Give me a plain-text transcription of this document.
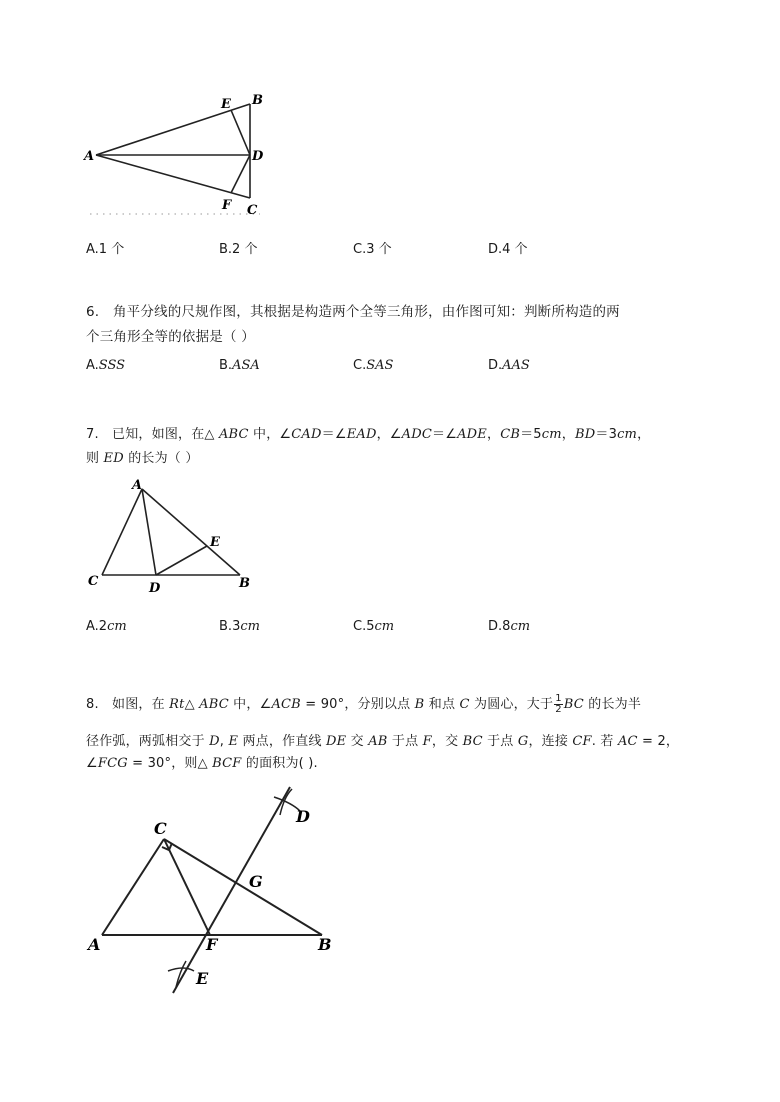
A
E B
D
F C
A.1 个	B.2 个	C.3 个	D.4 个
6.　角平分线的尺规作图，其根据是构造两个全等三角形，由作图可知：判断所构造的两
个三角形全等的依据是（ ）
A.SSS	B.ASA	C.SAS	D.AAS
7.　已知，如图，在△ ABC 中，∠CAD＝∠EAD，∠ADC＝∠ADE，CB＝5cm，BD＝3cm，
则 ED 的长为（ ）
A
E
C	D	B
A.2cm	B.3cm	C.5cm	D.8cm
8.　如图，在 Rt△ ABC 中，∠ACB = 90°，分别以点 B 和点 C 为圆心，大于 $\frac{1}{2}$ BC 的长为半
径作弧，两弧相交于 D, E 两点，作直线 DE 交 AB 于点 F，交 BC 于点 G，连接 CF. 若 AC = 2，
∠FCG = 30°，则△ BCF 的面积为( ).
C
D
G
A	F	B
E
